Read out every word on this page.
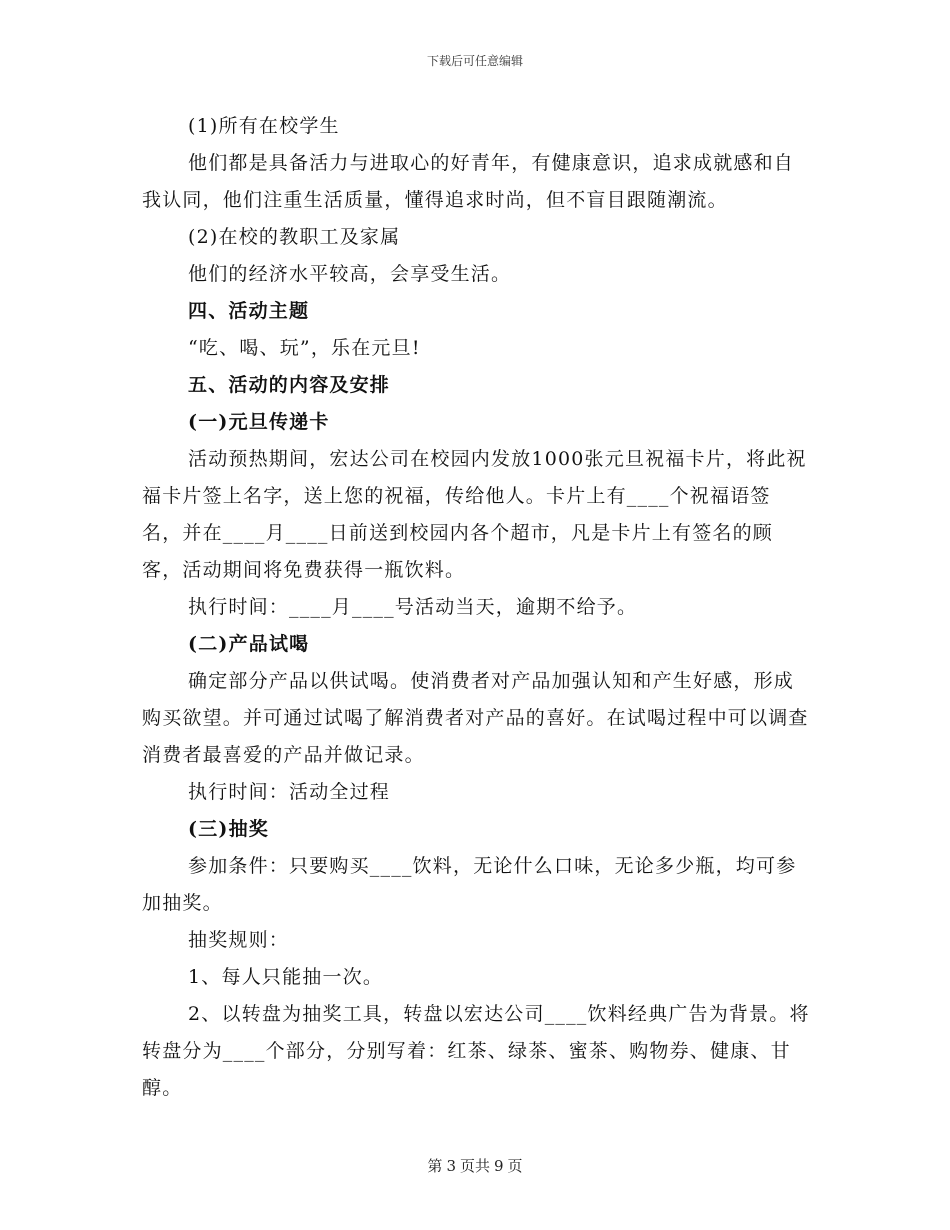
下载后可任意编辑

(1)所有在校学生

他们都是具备活力与进取心的好青年，有健康意识，追求成就感和自我认同，他们注重生活质量，懂得追求时尚，但不盲目跟随潮流。

(2)在校的教职工及家属

他们的经济水平较高，会享受生活。

四、活动主题

“吃、喝、玩”，乐在元旦!

五、活动的内容及安排

(一)元旦传递卡

活动预热期间，宏达公司在校园内发放1000张元旦祝福卡片，将此祝福卡片签上名字，送上您的祝福，传给他人。卡片上有____个祝福语签名，并在____月____日前送到校园内各个超市，凡是卡片上有签名的顾客，活动期间将免费获得一瓶饮料。

执行时间：____月____号活动当天，逾期不给予。

(二)产品试喝

确定部分产品以供试喝。使消费者对产品加强认知和产生好感，形成购买欲望。并可通过试喝了解消费者对产品的喜好。在试喝过程中可以调查消费者最喜爱的产品并做记录。

执行时间：活动全过程

(三)抽奖

参加条件：只要购买____饮料，无论什么口味，无论多少瓶，均可参加抽奖。

抽奖规则：

1、每人只能抽一次。

2、以转盘为抽奖工具，转盘以宏达公司____饮料经典广告为背景。将转盘分为____个部分，分别写着：红茶、绿茶、蜜茶、购物券、健康、甘醇。

第 3 页共 9 页
